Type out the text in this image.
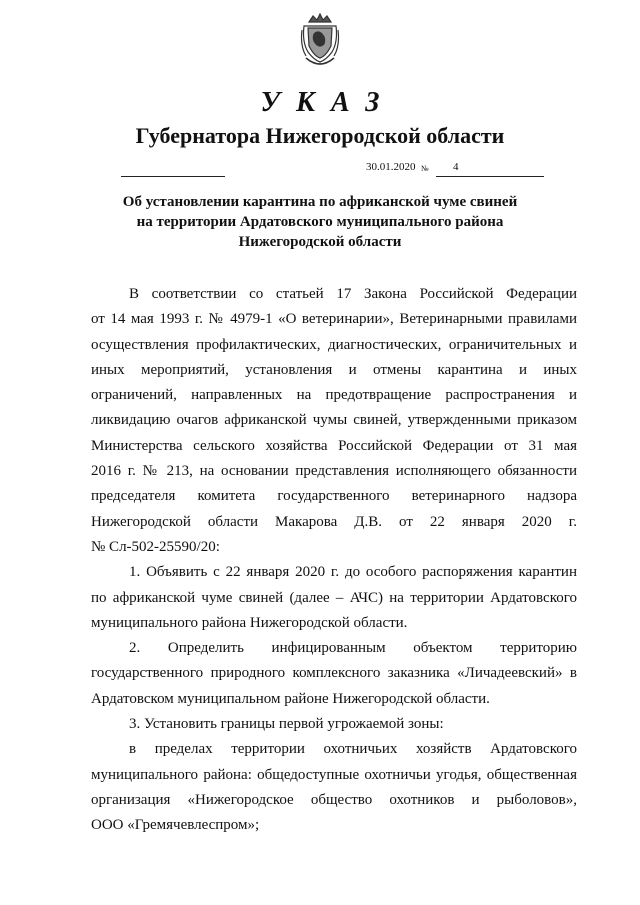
УКАЗ
Губернатора Нижегородской области
30.01.2020 № 4
Об установлении карантина по африканской чуме свиней
на территории Ардатовского муниципального района
Нижегородской области

В соответствии со статьей 17 Закона Российской Федерации

от 14 мая 1993 г. № 4979-1 «О ветеринарии», Ветеринарными правилами

осуществления профилактических, диагностических, ограничительных и

иных мероприятий, установления и отмены карантина и иных

ограничений, направленных на предотвращение распространения и

ликвидацию очагов африканской чумы свиней, утвержденными приказом

Министерства сельского хозяйства Российской Федерации от 31 мая

2016 г. № 213, на основании представления исполняющего обязанности

председателя комитета государственного ветеринарного надзора

Нижегородской области Макарова Д.В. от 22 января 2020 г.

№ Сл-502-25590/20:

1. Объявить с 22 января 2020 г. до особого распоряжения карантин

по африканской чуме свиней (далее – АЧС) на территории Ардатовского

муниципального района Нижегородской области.

2. Определить инфицированным объектом территорию

государственного природного комплексного заказника «Личадеевский» в

Ардатовском муниципальном районе Нижегородской области.

3. Установить границы первой угрожаемой зоны:

в пределах территории охотничьих хозяйств Ардатовского

муниципального района: общедоступные охотничьи угодья, общественная

организация «Нижегородское общество охотников и рыболовов»,

ООО «Гремячевлеспром»;
